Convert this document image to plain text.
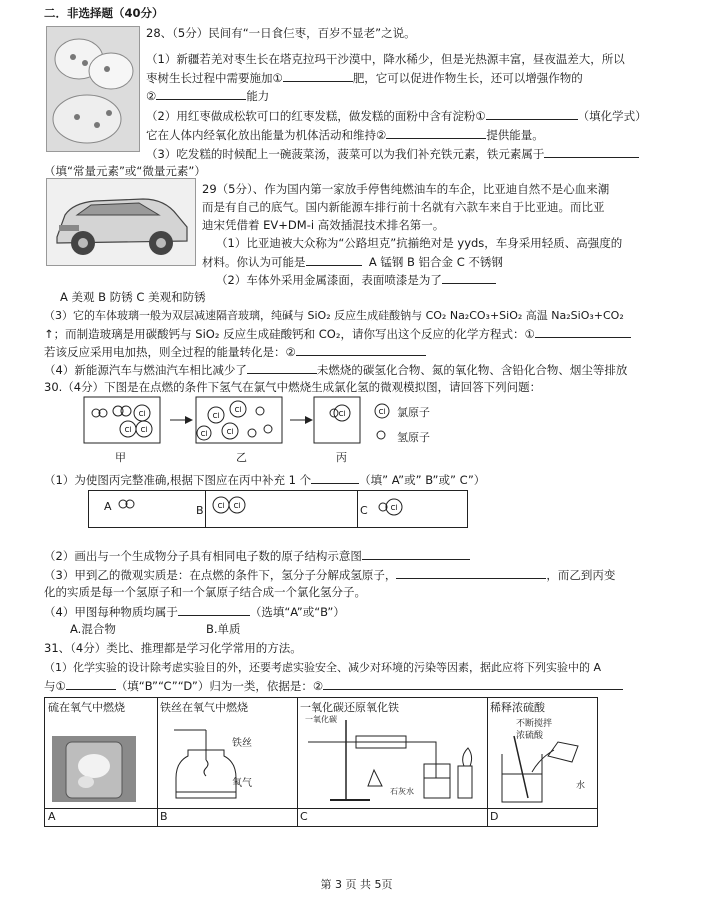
二．非选择题（40分）
28、（5分）民间有“一日食仨枣，百岁不显老”之说。
（1）新疆若羌对枣生长在塔克拉玛干沙漠中，降水稀少，但是光热源丰富，昼夜温差大，所以
枣树生长过程中需要施加①	肥，它可以促进作物生长，还可以增强作物的
②	能力
（2）用红枣做成松软可口的红枣发糕，做发糕的面粉中含有淀粉①	（填化学式）
它在人体内经氧化放出能量为机体活动和维持②	提供能量。
（3）吃发糕的时候配上一碗菠菜汤，菠菜可以为我们补充铁元素，铁元素属于
（填“常量元素”或“微量元素”）
29（5分）、作为国内第一家放手停售纯燃油车的车企，比亚迪自然不是心血来潮
而是有自己的底气。国内新能源车排行前十名就有六款车来自于比亚迪。而比亚
迪宋凭借着 EV+DM-i 高效插混技术排名第一。
（1）比亚迪被大众称为“公路坦克”抗揃绝对是 yyds，车身采用轻质、高强度的
材料。你认为可能是	A 锰钢 B 铝合金 C 不锈钢
（2）车体外采用金属漆面，表面喷漆是为了
A 美观 B 防锈 C 美观和防锈
（3）它的车体玻璃一般为双层减速隔音玻璃，纯碱与 SiO₂ 反应生成硅酸钠与 CO₂ Na₂CO₃+SiO₂ 高温 Na₂SiO₃+CO₂
↑；而制造玻璃是用碳酸钙与 SiO₂ 反应生成硅酸钙和 CO₂，请你写出这个反应的化学方程式：①
若该反应采用电加热，则全过程的能量转化是：②
（4）新能源汽车与燃油汽车相比减少了	未燃烧的碳氢化合物、氮的氧化物、含铅化合物、烟尘等排放
30.（4分）下图是在点燃的条件下氢气在氯气中燃烧生成氯化氢的微观模拟图，请回答下列问题：
Cl
Cl Cl
Cl
Cl
Cl	Cl
Cl	Cl
甲	乙	丙
氯原子
氢原子
（1）为使图丙完整准确,根据下图应在丙中补充 1 个	（填” A”或” B”或” C”）
A	B	C
Cl Cl	Cl
（2）画出与一个生成物分子具有相同电子数的原子结构示意图
（3）甲到乙的微观实质是：在点燃的条件下，氢分子分解成氢原子，	，而乙到丙变
化的实质是每一个氢原子和一个氯原子结合成一个氯化氢分子。
（4）甲图每种物质均属于	（选填“A”或“B”）
A.混合物	B.单质
31、（4分）类比、推理都是学习化学常用的方法。
（1）化学实验的设计除考虑实验目的外，还要考虑实验安全、减少对环境的污染等因素，据此应将下列实验中的 A
与①	（填“B”“C”“D”）归为一类，依据是：②
硫在氧气中燃烧	铁丝在氧气中燃烧	一氧化碳还原氧化铁	稀释浓硫酸
A	B	C	D
铁丝
氧气
一氧化碳
石灰水
不断搅拌
浓硫酸
水
第 3 页 共 5页
